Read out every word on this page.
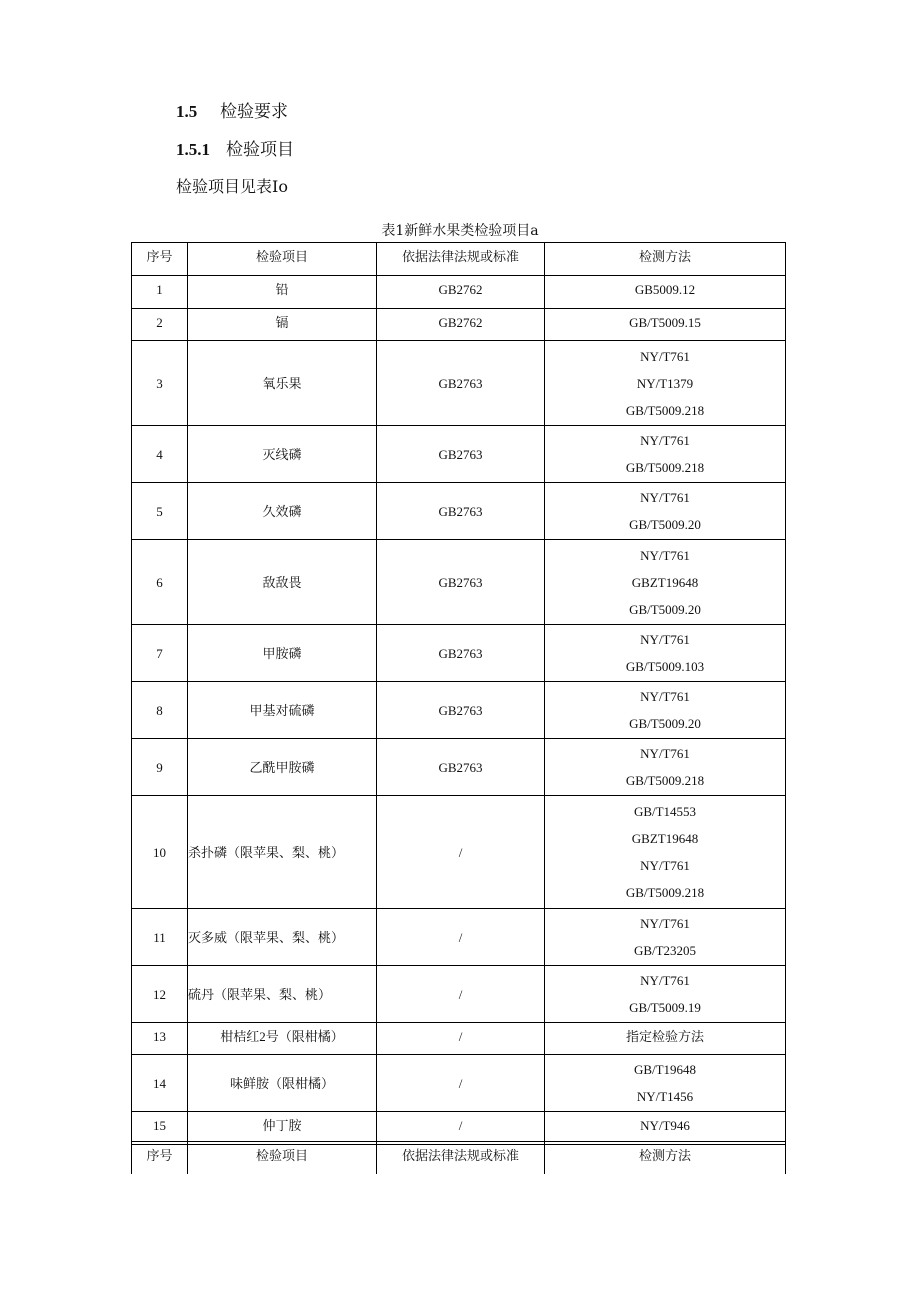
1.5 检验要求
1.5.1 检验项目
检验项目见表Io
表1新鲜水果类检验项目a
序号	检验项目	依据法律法规或标准	检测方法
1	铅	GB2762	GB5009.12

2	镉	GB2762	GB/T5009.15

3	氧乐果	GB2763	NY/T761
NY/T1379
GB/T5009.218

4	灭线磷	GB2763	NY/T761
GB/T5009.218

5	久效磷	GB2763	NY/T761
GB/T5009.20

6	敌敌畏	GB2763	NY/T761
GBZT19648
GB/T5009.20

7	甲胺磷	GB2763	NY/T761
GB/T5009.103

8	甲基对硫磷	GB2763	NY/T761
GB/T5009.20

9	乙酰甲胺磷	GB2763	NY/T761
GB/T5009.218

10	杀扑磷（限苹果、梨、桃）	/	GB/T14553
GBZT19648
NY/T761
GB/T5009.218

11	灭多威（限苹果、梨、桃）	/	NY/T761
GB/T23205

12	硫丹（限苹果、梨、桃）	/	NY/T761
GB/T5009.19

13	柑桔红2号（限柑橘）	/	指定检验方法

14	味鲜胺（限柑橘）	/	GB/T19648
NY/T1456

15	仲丁胺	/	NY/T946
序号	检验项目	依据法律法规或标准	检测方法
